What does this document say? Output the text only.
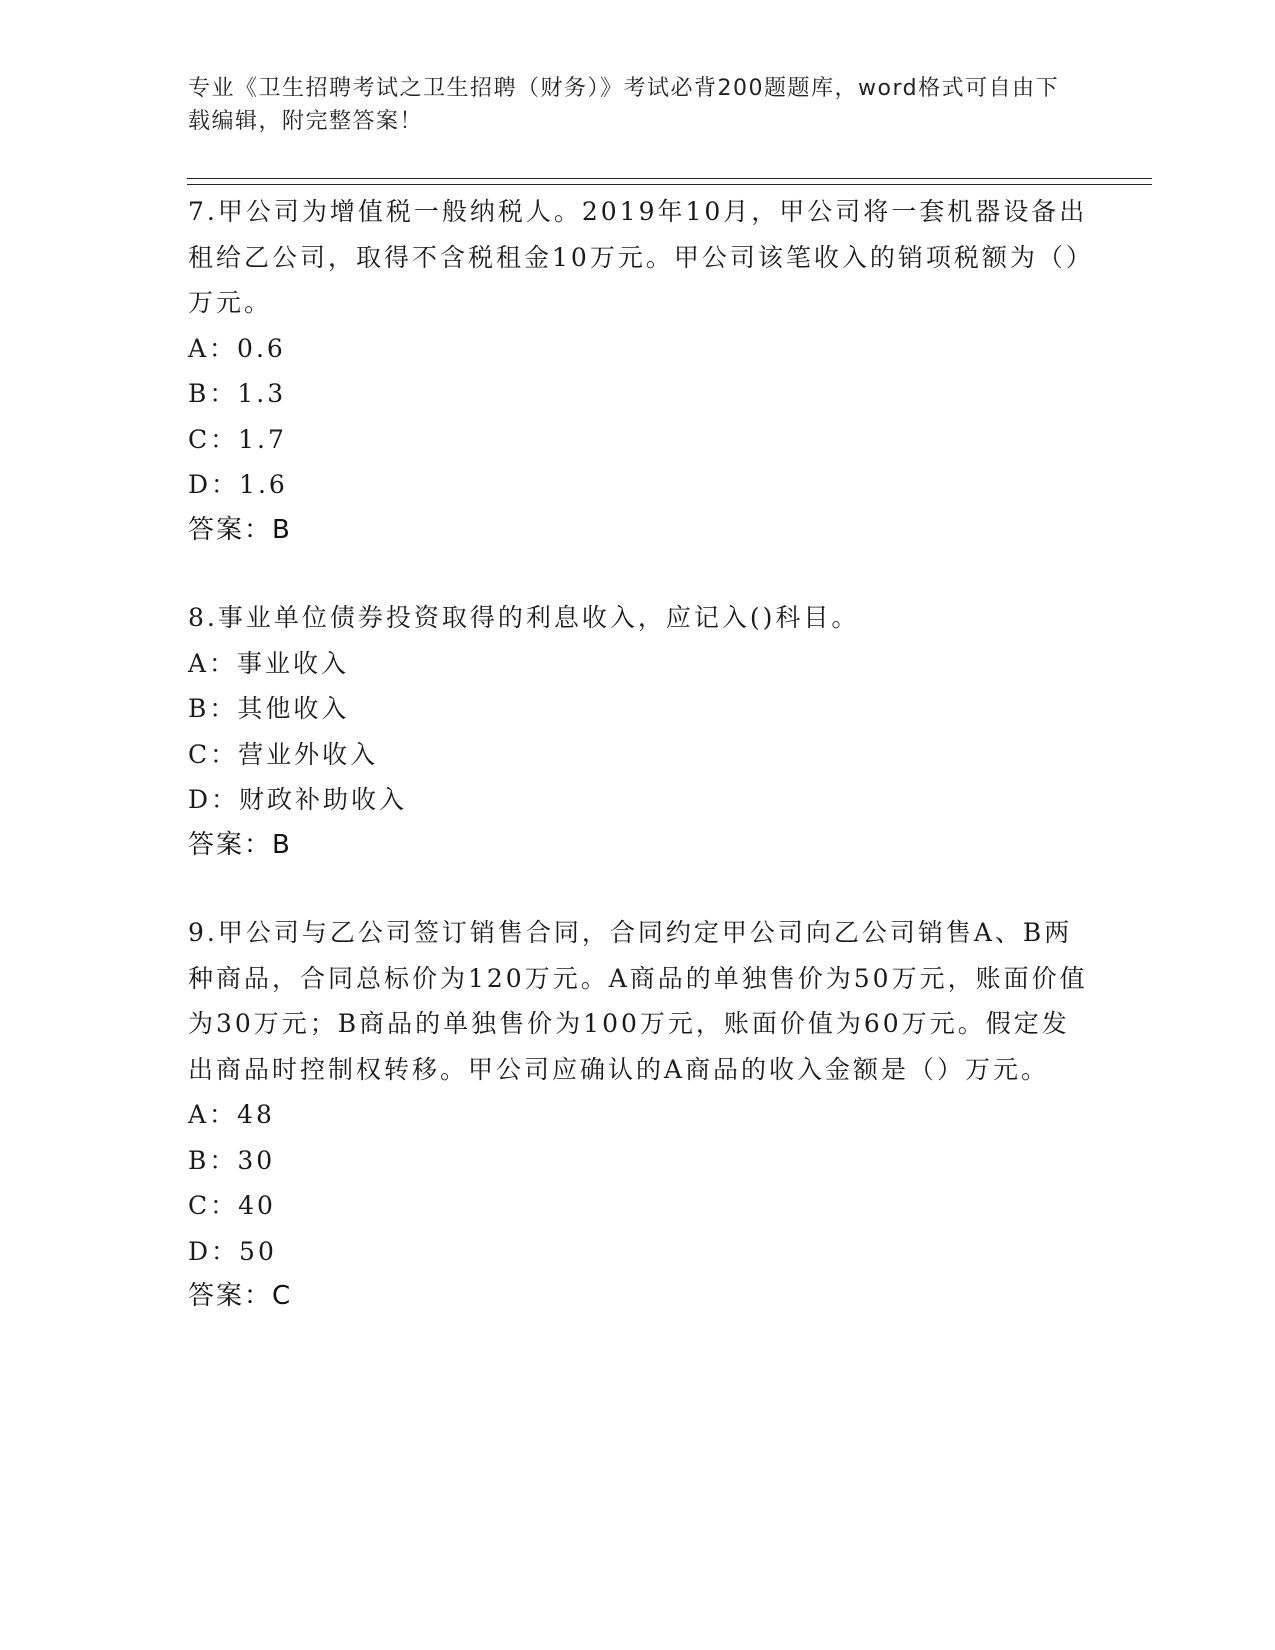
专业《卫生招聘考试之卫生招聘（财务）》考试必背200题题库，word格式可自由下载编辑，附完整答案！

7.甲公司为增值税一般纳税人。2019年10月，甲公司将一套机器设备出租给乙公司，取得不含税租金10万元。甲公司该笔收入的销项税额为（）万元。

A：0.6
B：1.3
C：1.7
D：1.6
答案：B

8.事业单位债券投资取得的利息收入，应记入()科目。

A：事业收入
B：其他收入
C：营业外收入
D：财政补助收入
答案：B

9.甲公司与乙公司签订销售合同，合同约定甲公司向乙公司销售A、B两种商品，合同总标价为120万元。A商品的单独售价为50万元，账面价值为30万元；B商品的单独售价为100万元，账面价值为60万元。假定发出商品时控制权转移。甲公司应确认的A商品的收入金额是（）万元。

A：48
B：30
C：40
D：50
答案：C
